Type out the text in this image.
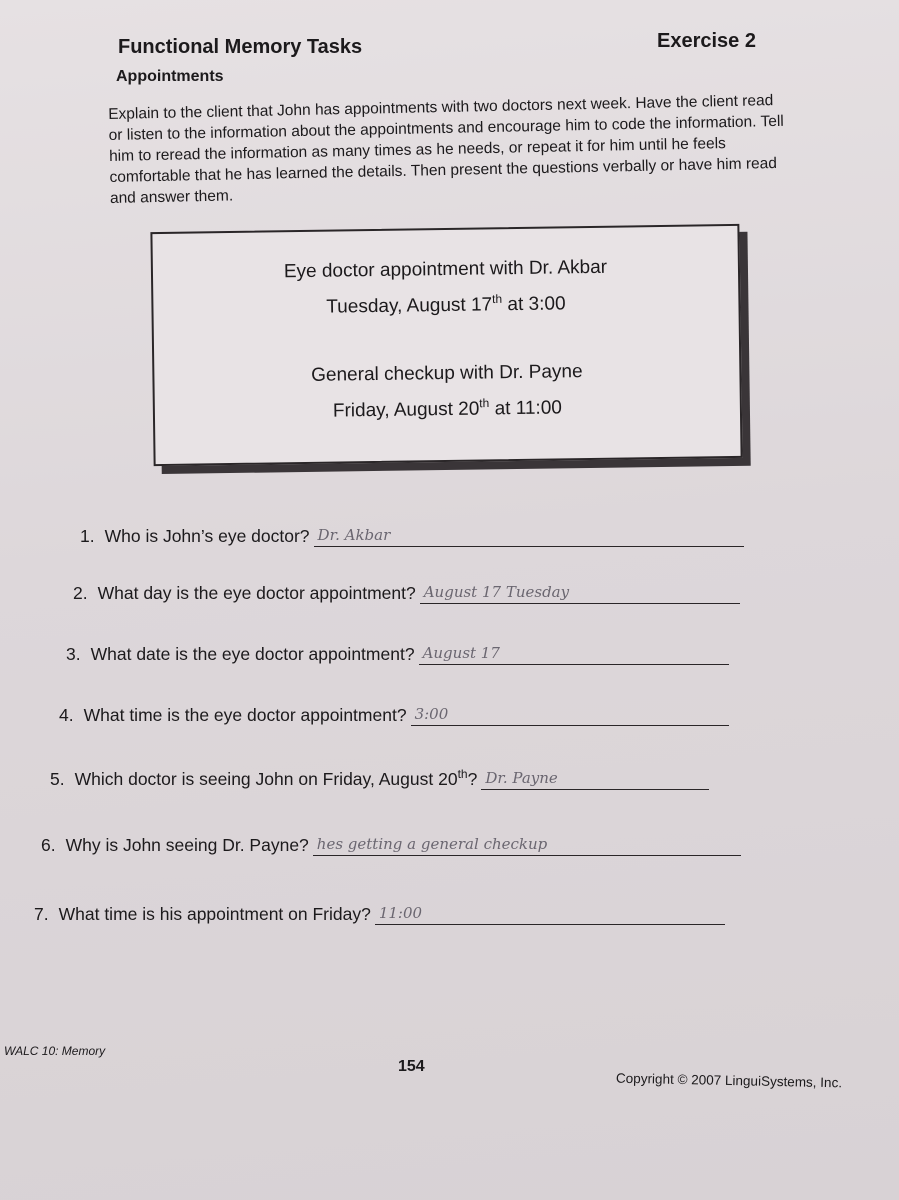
Functional Memory Tasks
Appointments
Exercise 2
Explain to the client that John has appointments with two doctors next week. Have the client read or listen to the information about the appointments and encourage him to code the information. Tell him to reread the information as many times as he needs, or repeat it for him until he feels comfortable that he has learned the details. Then present the questions verbally or have him read and answer them.
Eye doctor appointment with Dr. Akbar
Tuesday, August 17th at 3:00
General checkup with Dr. Payne
Friday, August 20th at 11:00
1. Who is John’s eye doctor? Dr. Akbar
2. What day is the eye doctor appointment? August 17 Tuesday
3. What date is the eye doctor appointment? August 17
4. What time is the eye doctor appointment? 3:00
5. Which doctor is seeing John on Friday, August 20th? Dr. Payne
6. Why is John seeing Dr. Payne? hes getting a general checkup
7. What time is his appointment on Friday? 11:00
WALC 10: Memory
154
Copyright © 2007 LinguiSystems, Inc.
